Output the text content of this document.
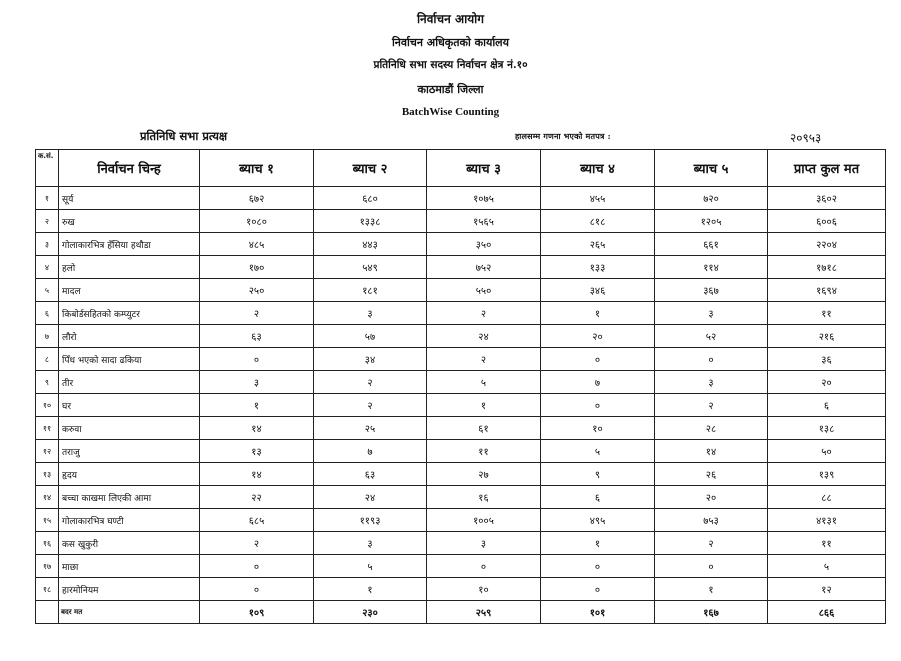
निर्वाचन आयोग
निर्वाचन अधिकृतको कार्यालय
प्रतिनिधि सभा सदस्य निर्वाचन क्षेत्र नं.१०
काठमाडौं जिल्ला
BatchWise Counting
प्रतिनिधि सभा प्रत्यक्ष	हालसम्म गणना भएको मतपत्र :	२०९५३
क.सं.	निर्वाचन चिन्ह	ब्याच १	ब्याच २	ब्याच ३	ब्याच ४	ब्याच ५	प्राप्त कुल मत
१	सूर्य	६७२	६८०	१०७५	४५५	७२०	३६०२
२	रुख	१०८०	१३३८	१५६५	८१८	१२०५	६००६
३	गोलाकारभित्र हँसिया हथौडा	४८५	४४३	३५०	२६५	६६१	२२०४
४	हलो	१७०	५४९	७५२	१३३	११४	१७१८
५	मादल	२५०	१८१	५५०	३४६	३६७	१६९४
६	किबोर्डसहितको कम्प्युटर	२	३	२	१	३	११
७	लौरो	६३	५७	२४	२०	५२	२१६
८	पिँध भएको सादा ढकिया	०	३४	२	०	०	३६
९	तीर	३	२	५	७	३	२०
१०	घर	१	२	१	०	२	६
११	करुवा	१४	२५	६१	१०	२८	१३८
१२	तराजु	१३	७	११	५	१४	५०
१३	हृदय	१४	६३	२७	९	२६	१३९
१४	बच्चा काखमा लिएकी आमा	२२	२४	१६	६	२०	८८
१५	गोलाकारभित्र घण्टी	६८५	११९३	१००५	४९५	७५३	४१३१
१६	कस खुकुरी	२	३	३	१	२	११
१७	माछा	०	५	०	०	०	५
१८	हारमोनियम	०	१	१०	०	१	१२
	बदर मत	१०९	२३०	२५९	१०१	१६७	८६६
